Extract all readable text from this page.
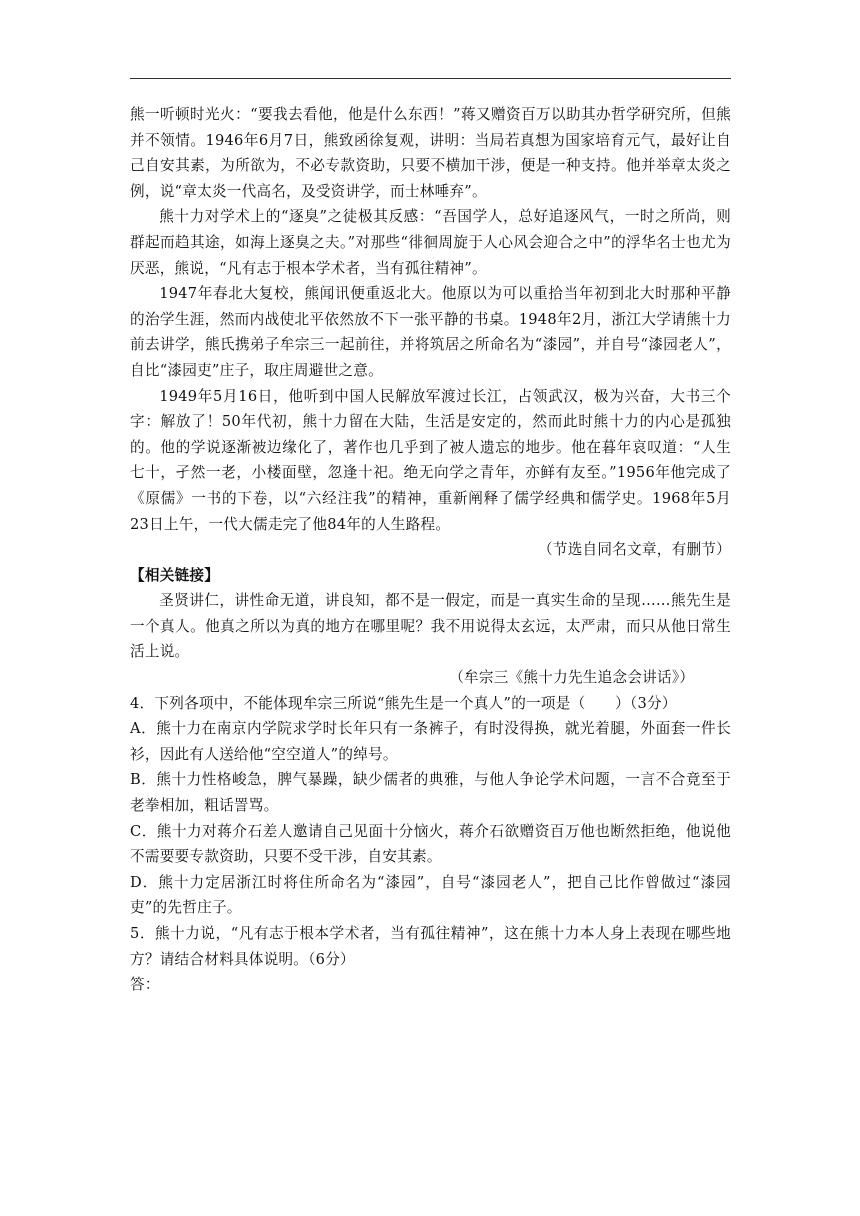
熊一听顿时光火：“要我去看他，他是什么东西！”蒋又赠资百万以助其办哲学研究所，但熊并不领情。1946年6月7日，熊致函徐复观，讲明：当局若真想为国家培育元气，最好让自己自安其素，为所欲为，不必专款资助，只要不横加干涉，便是一种支持。他并举章太炎之例，说“章太炎一代高名，及受资讲学，而士林唾弃”。

熊十力对学术上的“逐臭”之徒极其反感：“吾国学人，总好追逐风气，一时之所尚，则群起而趋其途，如海上逐臭之夫。”对那些“徘徊周旋于人心风会迎合之中”的浮华名士也尤为厌恶，熊说，“凡有志于根本学术者，当有孤往精神”。

1947年春北大复校，熊闻讯便重返北大。他原以为可以重拾当年初到北大时那种平静的治学生涯，然而内战使北平依然放不下一张平静的书桌。1948年2月，浙江大学请熊十力前去讲学，熊氏携弟子牟宗三一起前往，并将筑居之所命名为“漆园”，并自号“漆园老人”，自比“漆园吏”庄子，取庄周避世之意。

1949年5月16日，他听到中国人民解放军渡过长江，占领武汉，极为兴奋，大书三个字：解放了！50年代初，熊十力留在大陆，生活是安定的，然而此时熊十力的内心是孤独的。他的学说逐渐被边缘化了，著作也几乎到了被人遗忘的地步。他在暮年哀叹道：“人生七十，孑然一老，小楼面壁，忽逢十祀。绝无向学之青年，亦鲜有友至。”1956年他完成了《原儒》一书的下卷，以“六经注我”的精神，重新阐释了儒学经典和儒学史。1968年5月23日上午，一代大儒走完了他84年的人生路程。

（节选自同名文章，有删节）

【相关链接】

圣贤讲仁，讲性命无道，讲良知，都不是一假定，而是一真实生命的呈现……熊先生是一个真人。他真之所以为真的地方在哪里呢？我不用说得太玄远，太严肃，而只从他日常生活上说。

（牟宗三《熊十力先生追念会讲话》）

4．下列各项中，不能体现牟宗三所说“熊先生是一个真人”的一项是（　　）（3分）

A．熊十力在南京内学院求学时长年只有一条裤子，有时没得换，就光着腿，外面套一件长衫，因此有人送给他“空空道人”的绰号。

B．熊十力性格峻急，脾气暴躁，缺少儒者的典雅，与他人争论学术问题，一言不合竟至于老拳相加，粗话詈骂。

C．熊十力对蒋介石差人邀请自己见面十分恼火，蒋介石欲赠资百万他也断然拒绝，他说他不需要要专款资助，只要不受干涉，自安其素。

D．熊十力定居浙江时将住所命名为“漆园”，自号“漆园老人”，把自己比作曾做过“漆园吏”的先哲庄子。

5．熊十力说，“凡有志于根本学术者，当有孤往精神”，这在熊十力本人身上表现在哪些地方？请结合材料具体说明。（6分）

答：
